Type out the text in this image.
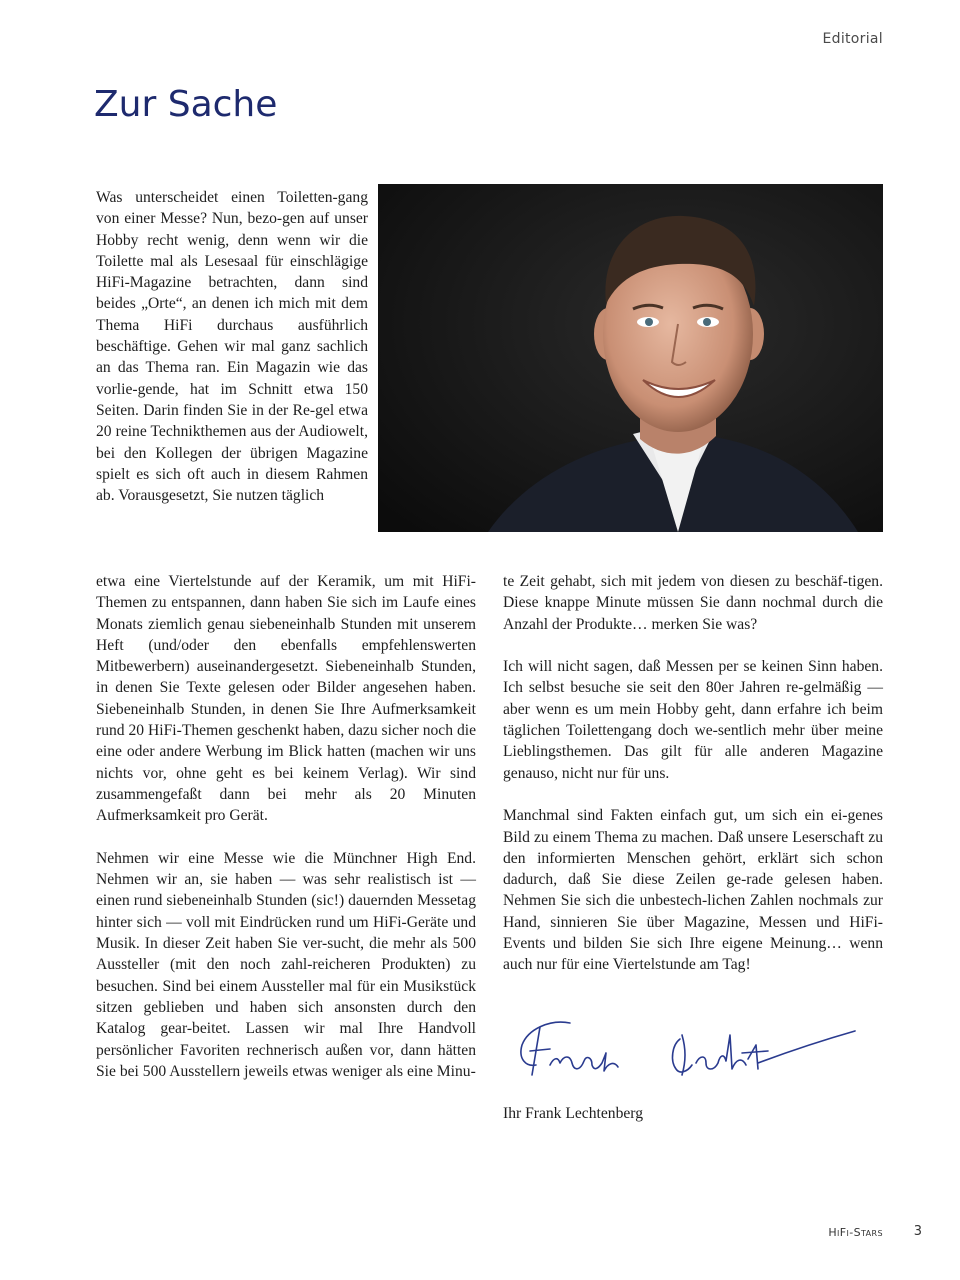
Editorial
Zur Sache

Was unterscheidet einen Toiletten-gang von einer Messe? Nun, bezo-gen auf unser Hobby recht wenig, denn wenn wir die Toilette mal als Lesesaal für einschlägige HiFi-Magazine betrachten, dann sind beides „Orte“, an denen ich mich mit dem Thema HiFi durchaus ausführlich beschäftige. Gehen wir mal ganz sachlich an das Thema ran. Ein Magazin wie das vorlie-gende, hat im Schnitt etwa 150 Seiten. Darin finden Sie in der Re-gel etwa 20 reine Technikthemen aus der Audiowelt, bei den Kollegen der übrigen Magazine spielt es sich oft auch in diesem Rahmen ab. Vorausgesetzt, Sie nutzen täglich

etwa eine Viertelstunde auf der Keramik, um mit HiFi-Themen zu entspannen, dann haben Sie sich im Laufe eines Monats ziemlich genau siebeneinhalb Stunden mit unserem Heft (und/oder den ebenfalls empfehlenswerten Mitbewerbern) auseinandergesetzt. Siebeneinhalb Stunden, in denen Sie Texte gelesen oder Bilder angesehen haben. Siebeneinhalb Stunden, in denen Sie Ihre Aufmerksamkeit rund 20 HiFi-Themen geschenkt haben, dazu sicher noch die eine oder andere Werbung im Blick hatten (machen wir uns nichts vor, ohne geht es bei keinem Verlag). Wir sind zusammengefaßt dann bei mehr als 20 Minuten Aufmerksamkeit pro Gerät.

Nehmen wir eine Messe wie die Münchner High End. Nehmen wir an, sie haben — was sehr realistisch ist — einen rund siebeneinhalb Stunden (sic!) dauernden Messetag hinter sich — voll mit Eindrücken rund um HiFi-Geräte und Musik. In dieser Zeit haben Sie ver-sucht, die mehr als 500 Aussteller (mit den noch zahl-reicheren Produkten) zu besuchen. Sind bei einem Aussteller mal für ein Musikstück sitzen geblieben und haben sich ansonsten durch den Katalog gear-beitet. Lassen wir mal Ihre Handvoll persönlicher Favoriten rechnerisch außen vor, dann hätten Sie bei 500 Ausstellern jeweils etwas weniger als eine Minu-

te Zeit gehabt, sich mit jedem von diesen zu beschäf-tigen. Diese knappe Minute müssen Sie dann nochmal durch die Anzahl der Produkte… merken Sie was?

Ich will nicht sagen, daß Messen per se keinen Sinn haben. Ich selbst besuche sie seit den 80er Jahren re-gelmäßig — aber wenn es um mein Hobby geht, dann erfahre ich beim täglichen Toilettengang doch we-sentlich mehr über meine Lieblingsthemen. Das gilt für alle anderen Magazine genauso, nicht nur für uns.

Manchmal sind Fakten einfach gut, um sich ein ei-genes Bild zu einem Thema zu machen. Daß unsere Leserschaft zu den informierten Menschen gehört, erklärt sich schon dadurch, daß Sie diese Zeilen ge-rade gelesen haben. Nehmen Sie sich die unbestech-lichen Zahlen nochmals zur Hand, sinnieren Sie über Magazine, Messen und HiFi-Events und bilden Sie sich Ihre eigene Meinung… wenn auch nur für eine Viertelstunde am Tag!

Ihr Frank Lechtenberg
HiFi-Stars 3
